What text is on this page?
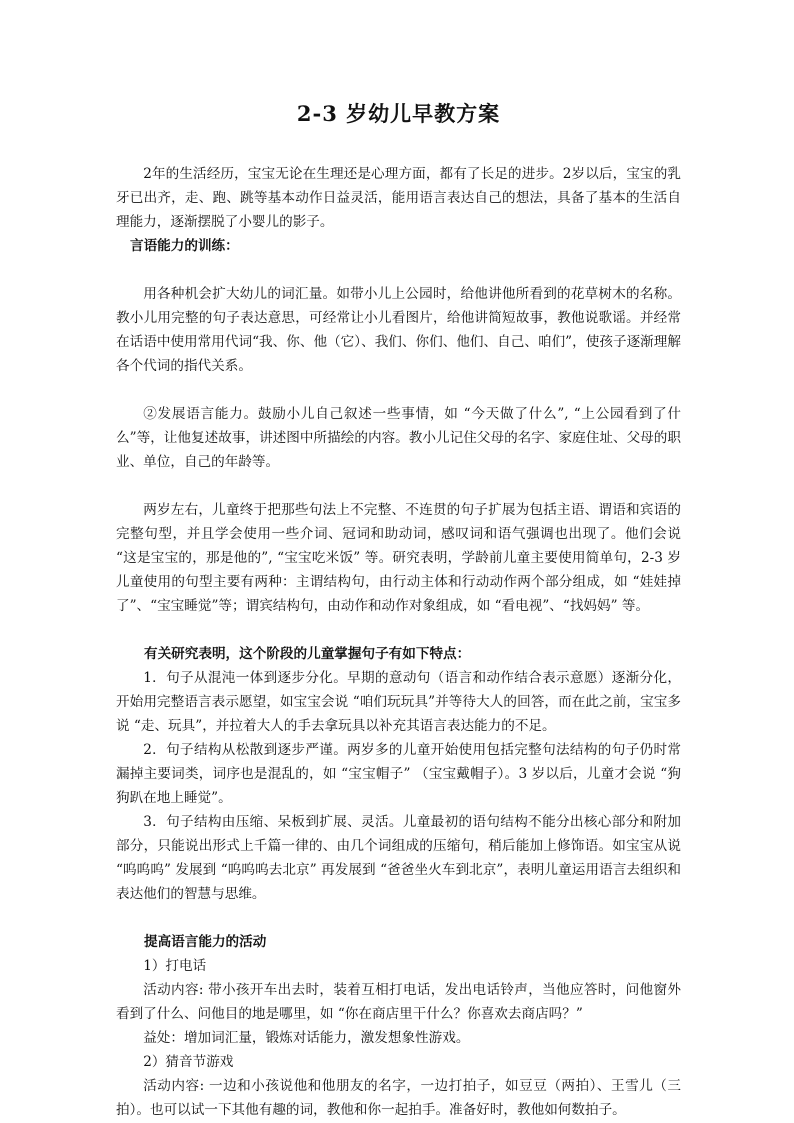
2-3 岁幼儿早教方案

2年的生活经历，宝宝无论在生理还是心理方面，都有了长足的进步。2岁以后，宝宝的乳牙已出齐，走、跑、跳等基本动作日益灵活，能用语言表达自己的想法，具备了基本的生活自理能力，逐渐摆脱了小婴儿的影子。

言语能力的训练：

用各种机会扩大幼儿的词汇量。如带小儿上公园时，给他讲他所看到的花草树木的名称。教小儿用完整的句子表达意思，可经常让小儿看图片，给他讲简短故事，教他说歌谣。并经常在话语中使用常用代词“我、你、他（它）、我们、你们、他们、自己、咱们”，使孩子逐渐理解各个代词的指代关系。

②发展语言能力。鼓励小儿自己叙述一些事情，如 “今天做了什么”, “上公园看到了什么”等，让他复述故事，讲述图中所描绘的内容。教小儿记住父母的名字、家庭住址、父母的职业、单位，自己的年龄等。

两岁左右，儿童终于把那些句法上不完整、不连贯的句子扩展为包括主语、谓语和宾语的完整句型，并且学会使用一些介词、冠词和助动词，感叹词和语气强调也出现了。他们会说 “这是宝宝的，那是他的”, “宝宝吃米饭” 等。研究表明，学龄前儿童主要使用简单句，2-3 岁儿童使用的句型主要有两种：主谓结构句，由行动主体和行动动作两个部分组成，如 “娃娃掉了”、“宝宝睡觉”等；谓宾结构句，由动作和动作对象组成，如 “看电视”、“找妈妈” 等。

有关研究表明，这个阶段的儿童掌握句子有如下特点：

1．句子从混沌一体到逐步分化。早期的意动句（语言和动作结合表示意愿）逐渐分化，开始用完整语言表示愿望，如宝宝会说 “咱们玩玩具”并等待大人的回答，而在此之前，宝宝多说 “走、玩具”，并拉着大人的手去拿玩具以补充其语言表达能力的不足。

2．句子结构从松散到逐步严谨。两岁多的儿童开始使用包括完整句法结构的句子仍时常漏掉主要词类，词序也是混乱的，如 “宝宝帽子” （宝宝戴帽子）。3 岁以后，儿童才会说 “狗狗趴在地上睡觉”。

3．句子结构由压缩、呆板到扩展、灵活。儿童最初的语句结构不能分出核心部分和附加部分，只能说出形式上千篇一律的、由几个词组成的压缩句，稍后能加上修饰语。如宝宝从说 “呜呜呜” 发展到 “呜呜呜去北京” 再发展到 “爸爸坐火车到北京”，表明儿童运用语言去组织和表达他们的智慧与思维。

提高语言能力的活动

1）打电话

活动内容: 带小孩开车出去时，装着互相打电话，发出电话铃声，当他应答时，问他窗外看到了什么、问他目的地是哪里，如 “你在商店里干什么？你喜欢去商店吗？”

益处：增加词汇量，锻炼对话能力，激发想象性游戏。

2）猜音节游戏

活动内容: 一边和小孩说他和他朋友的名字，一边打拍子，如豆豆（两拍）、王雪儿（三拍）。也可以试一下其他有趣的词，教他和你一起拍手。准备好时，教他如何数拍子。
